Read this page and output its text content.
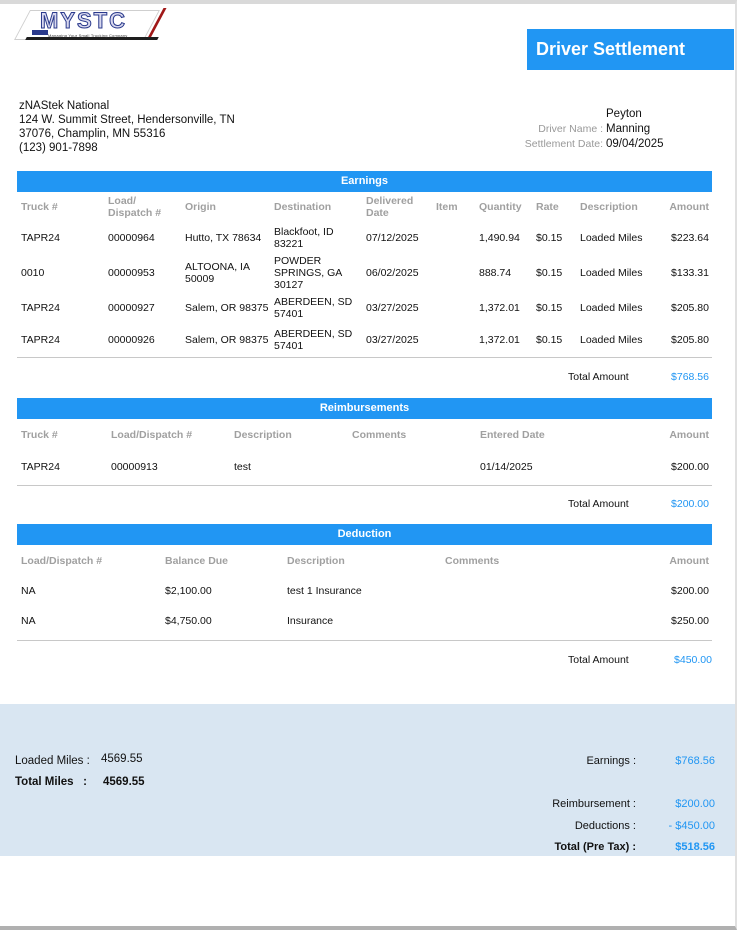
MYSTC
Managing Your Small Trucking Company
Driver Settlement
zNAStek National
124 W. Summit Street, Hendersonville, TN
37076, Champlin, MN 55316
(123) 901-7898
Driver Name :Peyton Manning
Settlement Date: 09/04/2025
Earnings
Truck #	Load/ Dispatch #	Origin	Destination	Delivered Date	Item	Quantity	Rate	Description	Amount
TAPR24	00000964	Hutto, TX 78634	Blackfoot, ID 83221	07/12/2025		1,490.94	$0.15	Loaded Miles	$223.64
0010	00000953	ALTOONA, IA 50009	POWDER SPRINGS, GA 30127	06/02/2025		888.74	$0.15	Loaded Miles	$133.31
TAPR24	00000927	Salem, OR 98375	ABERDEEN, SD 57401	03/27/2025		1,372.01	$0.15	Loaded Miles	$205.80
TAPR24	00000926	Salem, OR 98375	ABERDEEN, SD 57401	03/27/2025		1,372.01	$0.15	Loaded Miles	$205.80
Total Amount	$768.56
Reimbursements
Truck #	Load/Dispatch #	Description	Comments	Entered Date	Amount
TAPR24	00000913	test		01/14/2025	$200.00
Total Amount	$200.00
Deduction
Load/Dispatch #	Balance Due	Description	Comments	Amount
NA	$2,100.00	test 1 Insurance		$200.00
NA	$4,750.00	Insurance		$250.00
Total Amount	$450.00
Loaded Miles : 4569.55
Total Miles   : 4569.55
Earnings :	$768.56
Reimbursement :	$200.00
Deductions :	- $450.00
Total (Pre Tax) :	$518.56
